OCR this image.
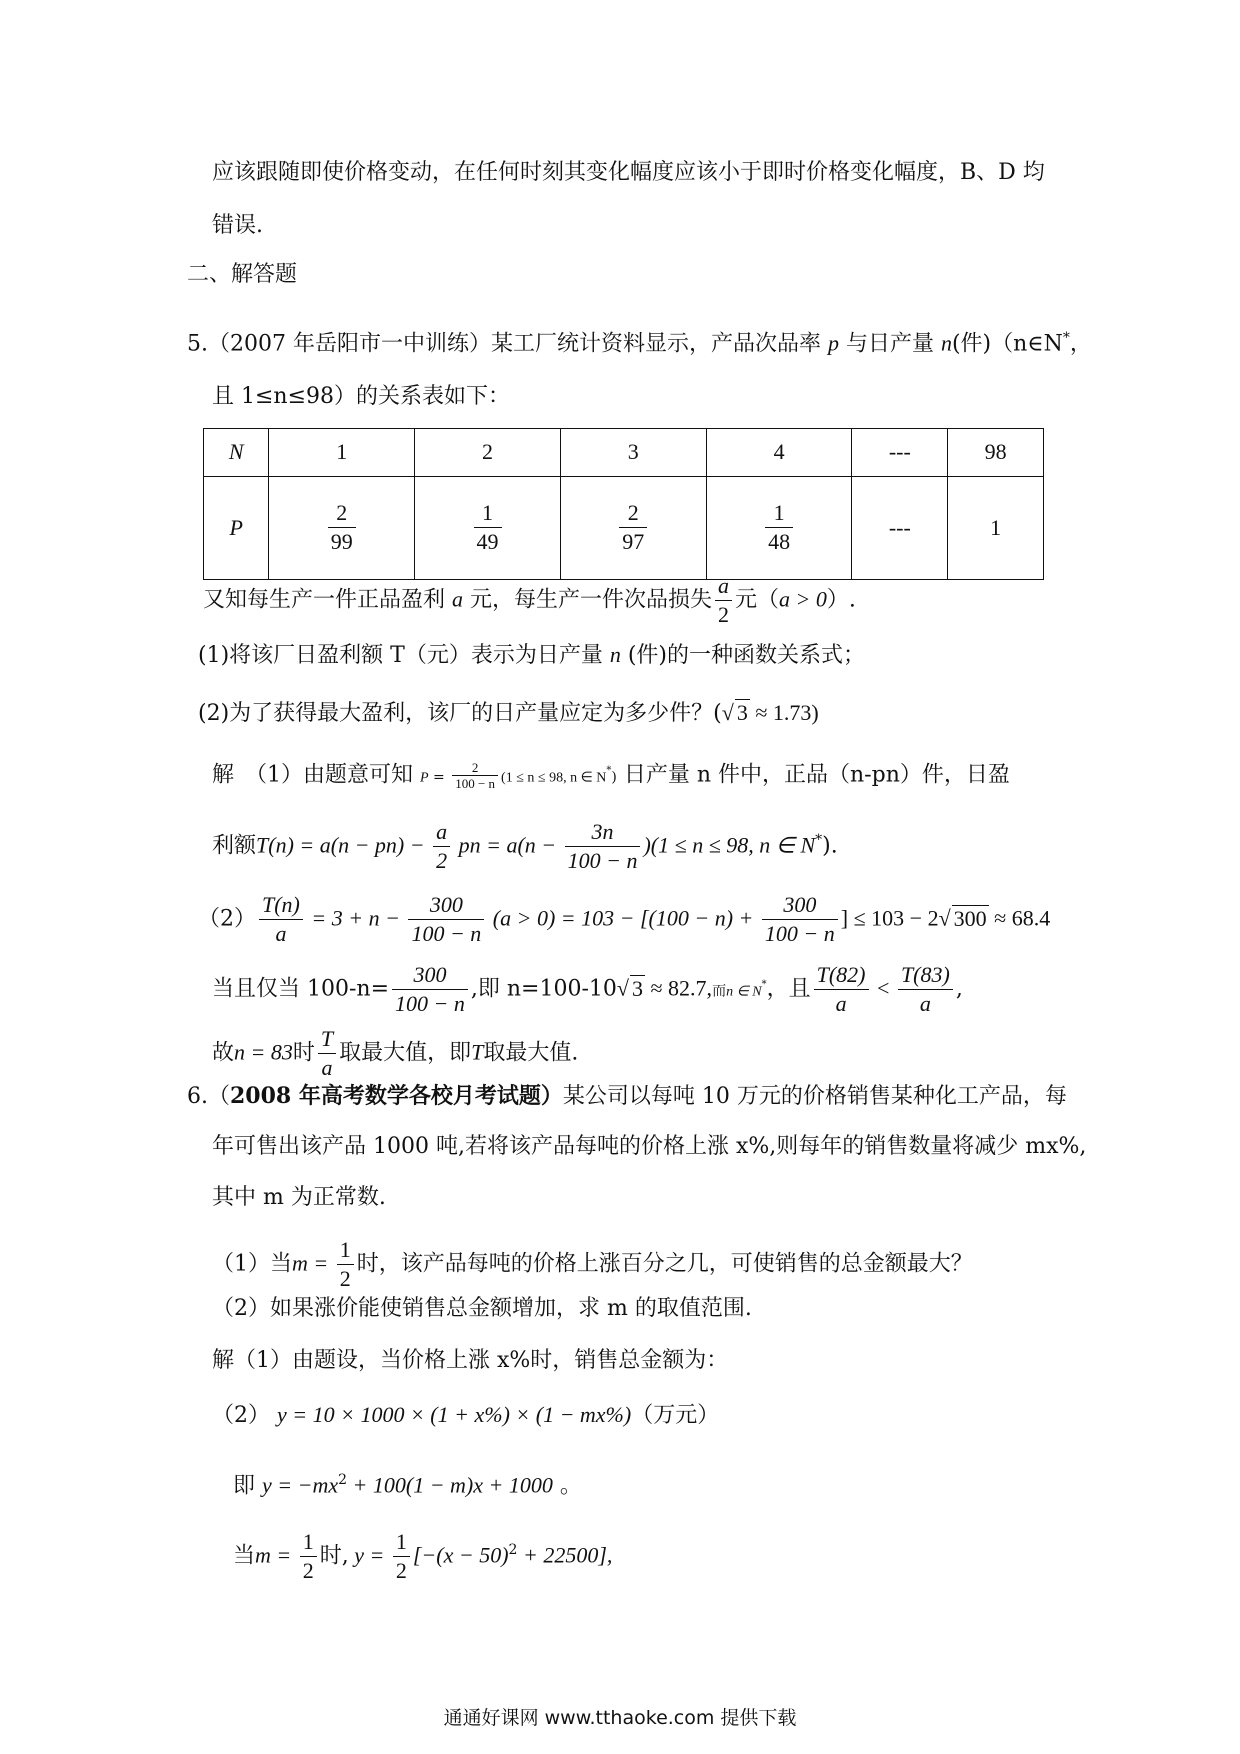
应该跟随即使价格变动，在任何时刻其变化幅度应该小于即时价格变化幅度，B、D 均
错误.
二、解答题
5.（2007 年岳阳市一中训练）某工厂统计资料显示，产品次品率 p 与日产量 n(件)（n∈N*，
且 1≤n≤98）的关系表如下：
N	1	2	3	4	---	98
P	$\frac{2}{99}$	$\frac{1}{49}$	$\frac{2}{97}$	$\frac{1}{48}$	---	1
又知每生产一件正品盈利 a 元，每生产一件次品损失 $\frac{a}{2}$ 元（a > 0）.
(1)将该厂日盈利额 T（元）表示为日产量 n (件)的一种函数关系式；
(2)为了获得最大盈利，该厂的日产量应定为多少件？(√ 3 ≈ 1.73)
解　（1）由题意可知 $P = \frac{2}{100 - n} (1 \le n \le 98$, n ∈ N*) 日产量 n 件中，正品（n-pn）件，日盈
利额$T(n) = a(n - pn) - \frac{a}{2}$ pn = $a(n - \frac{3n}{100 - n} )(1 \le n \le 98$, n ∈ N*).
$(2) \frac{T(n)}{a} = 3 + n - \frac{300}{100 - n} (a > 0) = 103 - [(100 - n) + \frac{300}{100 - n}$ ] ≤ 103 − 2√ 300 ≈ 68.4
当且仅当 $100-n= \frac{300}{100 - n}$ ,即 n=100-10√ 3 ≈ 82.7,而n ∈ N*，且 $\frac{T(82)}{a} < \frac{T(83)}{a}$ ,
故n = 83时 $\frac{T}{a}$ 取最大值，即T取最大值.
6.（2008 年高考数学各校月考试题）某公司以每吨 10 万元的价格销售某种化工产品，每
年可售出该产品 1000 吨,若将该产品每吨的价格上涨 x%,则每年的销售数量将减少 mx%,
其中 m 为正常数.
（1）当$m = \frac{1}{2}$ 时，该产品每吨的价格上涨百分之几，可使销售的总金额最大？
（2）如果涨价能使销售总金额增加，求 m 的取值范围.
解（1）由题设，当价格上涨 x%时，销售总金额为：
（2） y = 10 × 1000 × (1 + x%) × (1 − mx%)（万元）
即 $y = -mx^2 + 100(1 - m)x + 1000$ 。
当$m = \frac{1}{2}$ 时, $y = \frac{1}{2} [-(x - 50)^2 + 22500]$,
通通好课网 www.tthaoke.com 提供下载
